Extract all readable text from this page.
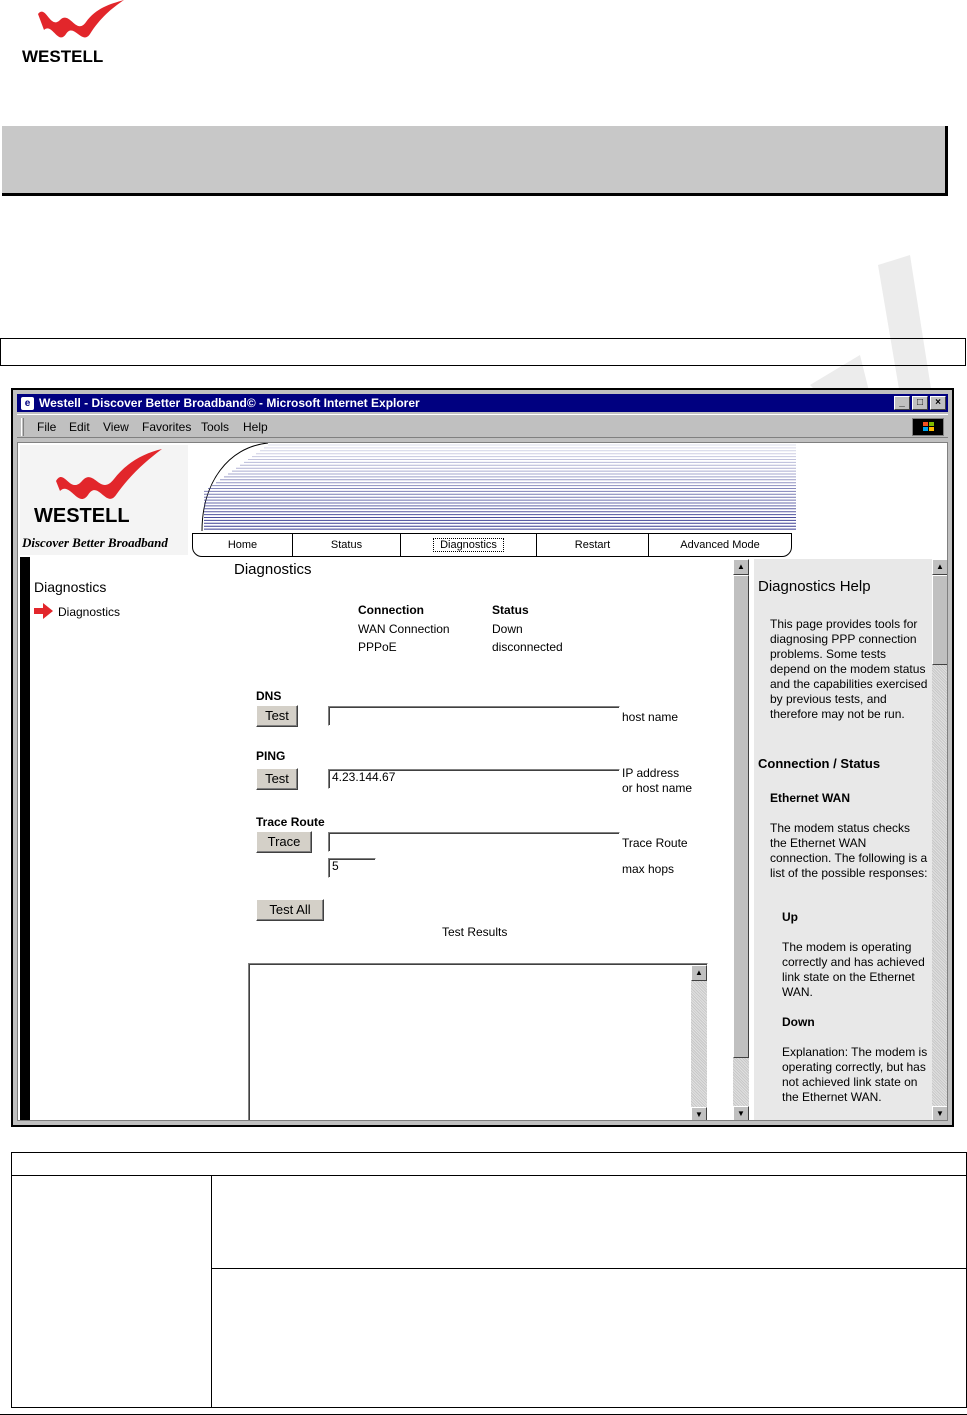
WESTELL
e Westell - Discover Better Broadband© - Microsoft Internet Explorer	_	□	×
File Edit View Favorites Tools Help
WESTELL
Discover Better Broadband	Home	Status	Diagnostics	Restart	Advanced Mode
Diagnostics
Diagnostics
Diagnostics
Connection	Status
WAN Connection	Down
PPPoE	disconnected
DNS
Test	host name
PING
Test	4.23.144.67	IP address
or host name
Trace Route
Trace	Trace Route
5	max hops
Test All
Test Results
▲
▼
▲
▼
Diagnostics Help
This page provides tools for diagnosing PPP connection problems. Some tests depend on the modem status and the capabilities exercised by previous tests, and therefore may not be run.
Connection / Status
Ethernet WAN
The modem status checks the Ethernet WAN connection. The following is a list of the possible responses:
Up
The modem is operating correctly and has achieved link state on the Ethernet WAN.
Down
Explanation: The modem is operating correctly, but has not achieved link state on the Ethernet WAN.
▲
▼
